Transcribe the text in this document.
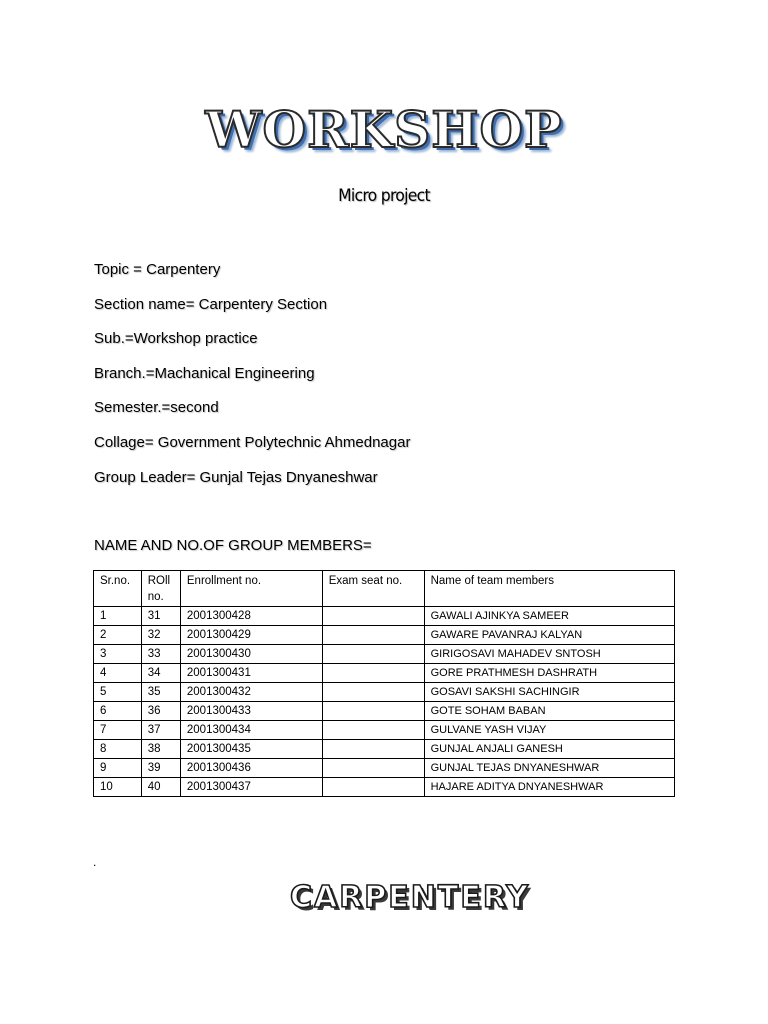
WORKSHOP
Micro project
Topic = Carpentery
Section name= Carpentery Section
Sub.=Workshop practice
Branch.=Machanical Engineering
Semester.=second
Collage= Government Polytechnic Ahmednagar
Group Leader= Gunjal Tejas Dnyaneshwar
NAME AND NO.OF GROUP MEMBERS=
Sr.no.	ROll no.	Enrollment no.	Exam seat no.	Name of team members
1	31	2001300428		GAWALI AJINKYA SAMEER
2	32	2001300429		GAWARE PAVANRAJ KALYAN
3	33	2001300430		GIRIGOSAVI MAHADEV SNTOSH
4	34	2001300431		GORE PRATHMESH DASHRATH
5	35	2001300432		GOSAVI SAKSHI SACHINGIR
6	36	2001300433		GOTE SOHAM BABAN
7	37	2001300434		GULVANE YASH VIJAY
8	38	2001300435		GUNJAL ANJALI GANESH
9	39	2001300436		GUNJAL TEJAS DNYANESHWAR
10	40	2001300437		HAJARE ADITYA DNYANESHWAR
.
CARPENTERY
